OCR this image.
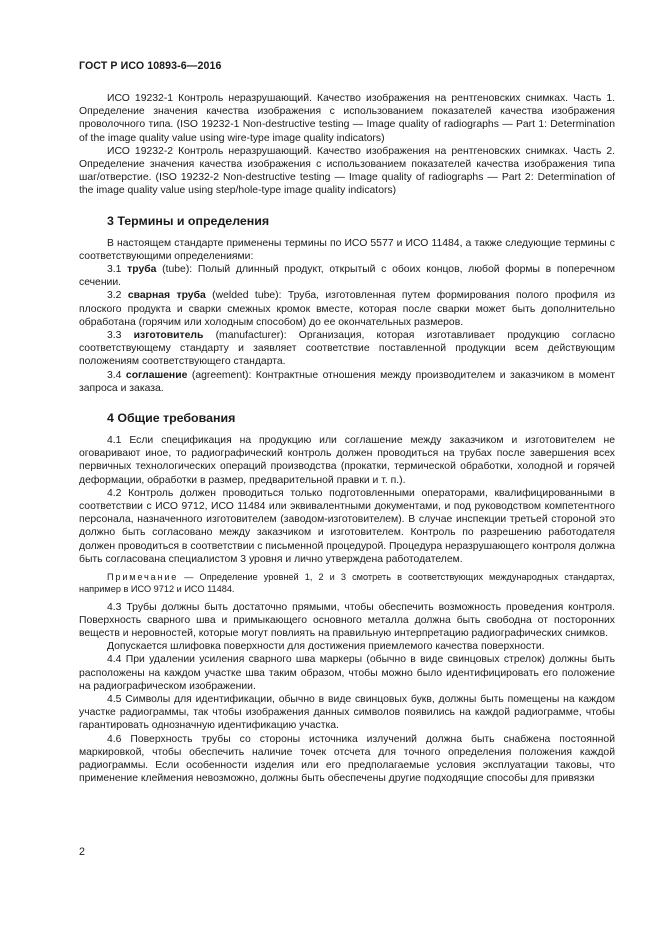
ГОСТ Р ИСО 10893-6—2016

ИСО 19232-1 Контроль неразрушающий. Качество изображения на рентгеновских снимках. Часть 1. Определение значения качества изображения с использованием показателей качества изображения проволочного типа. (ISO 19232-1 Non-destructive testing — Image quality of radiographs — Part 1: Determination of the image quality value using wire-type image quality indicators)

ИСО 19232-2 Контроль неразрушающий. Качество изображения на рентгеновских снимках. Часть 2. Определение значения качества изображения с использованием показателей качества изображения типа шаг/отверстие. (ISO 19232-2 Non-destructive testing — Image quality of radiographs — Part 2: Determination of the image quality value using step/hole-type image quality indicators)

3 Термины и определения

В настоящем стандарте применены термины по ИСО 5577 и ИСО 11484, а также следующие термины с соответствующими определениями:

3.1 труба (tube): Полый длинный продукт, открытый с обоих концов, любой формы в поперечном сечении.

3.2 сварная труба (welded tube): Труба, изготовленная путем формирования полого профиля из плоского продукта и сварки смежных кромок вместе, которая после сварки может быть дополнительно обработана (горячим или холодным способом) до ее окончательных размеров.

3.3 изготовитель (manufacturer): Организация, которая изготавливает продукцию согласно соответствующему стандарту и заявляет соответствие поставленной продукции всем действующим положениям соответствующего стандарта.

3.4 соглашение (agreement): Контрактные отношения между производителем и заказчиком в момент запроса и заказа.

4 Общие требования

4.1 Если спецификация на продукцию или соглашение между заказчиком и изготовителем не оговаривают иное, то радиографический контроль должен проводиться на трубах после завершения всех первичных технологических операций производства (прокатки, термической обработки, холодной и горячей деформации, обработки в размер, предварительной правки и т. п.).

4.2 Контроль должен проводиться только подготовленными операторами, квалифицированными в соответствии с ИСО 9712, ИСО 11484 или эквивалентными документами, и под руководством компетентного персонала, назначенного изготовителем (заводом-изготовителем). В случае инспекции третьей стороной это должно быть согласовано между заказчиком и изготовителем. Контроль по разрешению работодателя должен проводиться в соответствии с письменной процедурой. Процедура неразрушающего контроля должна быть согласована специалистом 3 уровня и лично утверждена работодателем.

Примечание — Определение уровней 1, 2 и 3 смотреть в соответствующих международных стандартах, например в ИСО 9712 и ИСО 11484.

4.3 Трубы должны быть достаточно прямыми, чтобы обеспечить возможность проведения контроля. Поверхность сварного шва и примыкающего основного металла должна быть свободна от посторонних веществ и неровностей, которые могут повлиять на правильную интерпретацию радиографических снимков.

Допускается шлифовка поверхности для достижения приемлемого качества поверхности.

4.4 При удалении усиления сварного шва маркеры (обычно в виде свинцовых стрелок) должны быть расположены на каждом участке шва таким образом, чтобы можно было идентифицировать его положение на радиографическом изображении.

4.5 Символы для идентификации, обычно в виде свинцовых букв, должны быть помещены на каждом участке радиограммы, так чтобы изображения данных символов появились на каждой радиограмме, чтобы гарантировать однозначную идентификацию участка.

4.6 Поверхность трубы со стороны источника излучений должна быть снабжена постоянной маркировкой, чтобы обеспечить наличие точек отсчета для точного определения положения каждой радиограммы. Если особенности изделия или его предполагаемые условия эксплуатации таковы, что применение клеймения невозможно, должны быть обеспечены другие подходящие способы для привязки

2
